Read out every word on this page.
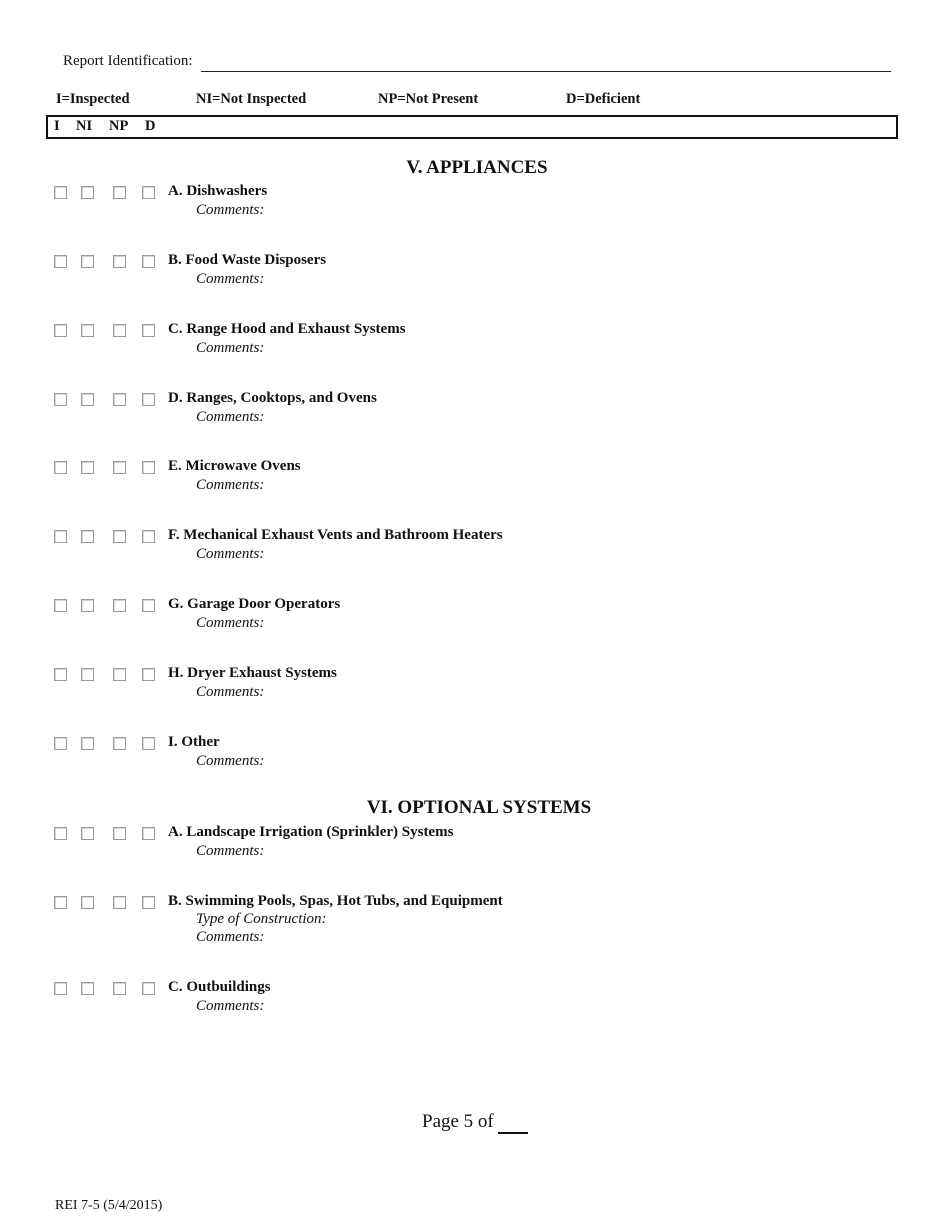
Report Identification:
I=Inspected	NI=Not Inspected	NP=Not Present	D=Deficient
I NI NP D
V. APPLIANCES
A. Dishwashers
Comments:
B. Food Waste Disposers
Comments:
C. Range Hood and Exhaust Systems
Comments:
D. Ranges, Cooktops, and Ovens
Comments:
E. Microwave Ovens
Comments:
F. Mechanical Exhaust Vents and Bathroom Heaters
Comments:
G. Garage Door Operators
Comments:
H. Dryer Exhaust Systems
Comments:
I. Other
Comments:
VI. OPTIONAL SYSTEMS
A. Landscape Irrigation (Sprinkler) Systems
Comments:
B. Swimming Pools, Spas, Hot Tubs, and Equipment
Type of Construction:
Comments:
C. Outbuildings
Comments:
Page 5 of
REI 7-5 (5/4/2015)
